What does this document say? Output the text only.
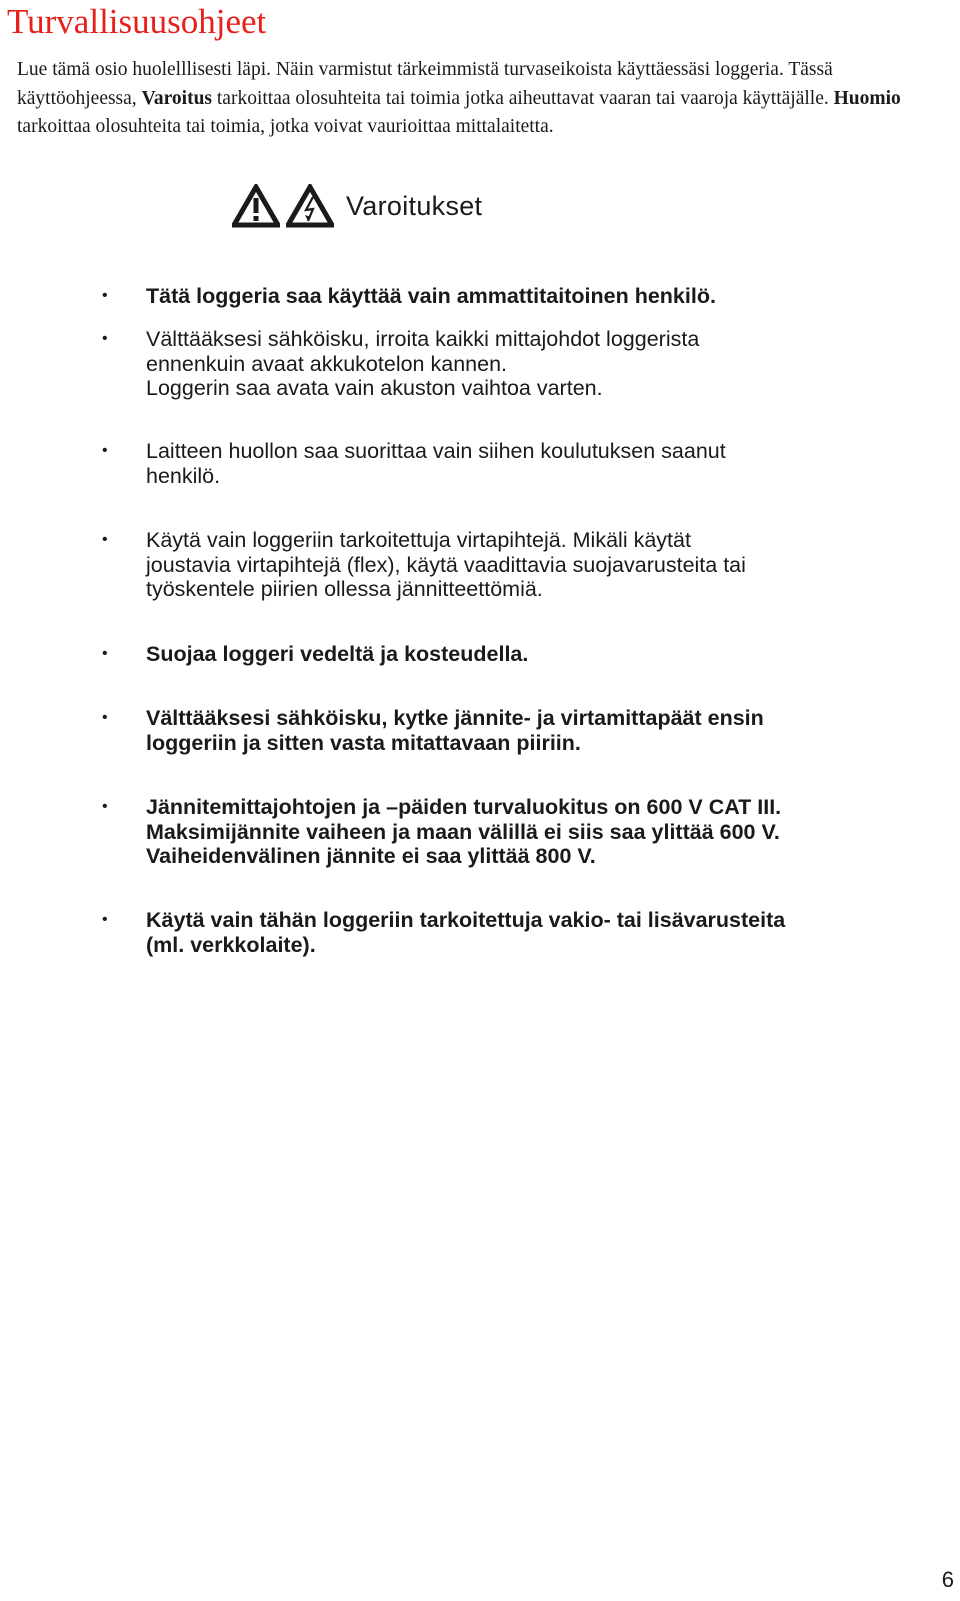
Turvallisuusohjeet

Lue tämä osio huolelllisesti läpi. Näin varmistut tärkeimmistä turvaseikoista käyttäessäsi loggeria. Tässä käyttöohjeessa, Varoitus tarkoittaa olosuhteita tai toimia jotka aiheuttavat vaaran tai vaaroja käyttäjälle. Huomio tarkoittaa olosuhteita tai toimia, jotka voivat vaurioittaa mittalaitetta.

Varoitukset
• Tätä loggeria saa käyttää vain ammattitaitoinen henkilö.
• Välttääksesi sähköisku, irroita kaikki mittajohdot loggerista
ennenkuin avaat akkukotelon kannen.
Loggerin saa avata vain akuston vaihtoa varten.
• Laitteen huollon saa suorittaa vain siihen koulutuksen saanut
henkilö.
• Käytä vain loggeriin tarkoitettuja virtapihtejä. Mikäli käytät
joustavia virtapihtejä (flex), käytä vaadittavia suojavarusteita tai
työskentele piirien ollessa jännitteettömiä.
• Suojaa loggeri vedeltä ja kosteudella.
• Välttääksesi sähköisku, kytke jännite- ja virtamittapäät ensin
loggeriin ja sitten vasta mitattavaan piiriin.
• Jännitemittajohtojen ja –päiden turvaluokitus on 600 V CAT III.
Maksimijännite vaiheen ja maan välillä ei siis saa ylittää 600 V.
Vaiheidenvälinen jännite ei saa ylittää 800 V.
• Käytä vain tähän loggeriin tarkoitettuja vakio- tai lisävarusteita
(ml. verkkolaite).
6
